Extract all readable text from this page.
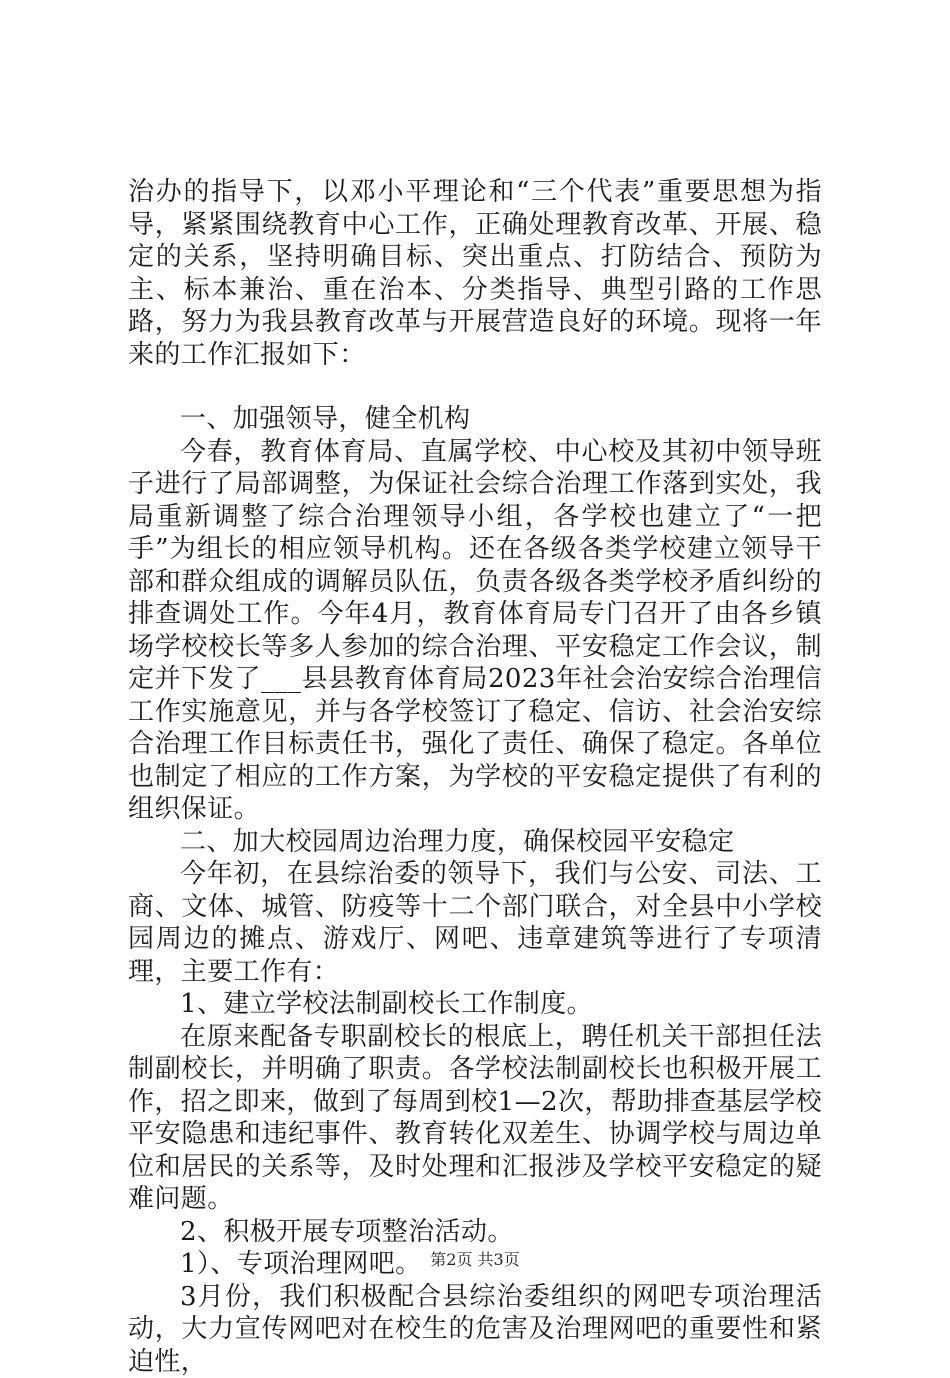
治办的指导下，以邓小平理论和“三个代表”重要思想为指导，紧紧围绕教育中心工作，正确处理教育改革、开展、稳定的关系，坚持明确目标、突出重点、打防结合、预防为主、标本兼治、重在治本、分类指导、典型引路的工作思路，努力为我县教育改革与开展营造良好的环境。现将一年来的工作汇报如下：

一、加强领导，健全机构

今春，教育体育局、直属学校、中心校及其初中领导班子进行了局部调整，为保证社会综合治理工作落到实处，我局重新调整了综合治理领导小组，各学校也建立了“一把手”为组长的相应领导机构。还在各级各类学校建立领导干部和群众组成的调解员队伍，负责各级各类学校矛盾纠纷的排查调处工作。今年4月，教育体育局专门召开了由各乡镇场学校校长等多人参加的综合治理、平安稳定工作会议，制定并下发了___县县教育体育局2023年社会治安综合治理信工作实施意见，并与各学校签订了稳定、信访、社会治安综合治理工作目标责任书，强化了责任、确保了稳定。各单位也制定了相应的工作方案，为学校的平安稳定提供了有利的组织保证。

二、加大校园周边治理力度，确保校园平安稳定

今年初，在县综治委的领导下，我们与公安、司法、工商、文体、城管、防疫等十二个部门联合，对全县中小学校园周边的摊点、游戏厅、网吧、违章建筑等进行了专项清理，主要工作有：

1、建立学校法制副校长工作制度。

在原来配备专职副校长的根底上，聘任机关干部担任法制副校长，并明确了职责。各学校法制副校长也积极开展工作，招之即来，做到了每周到校1—2次，帮助排查基层学校平安隐患和违纪事件、教育转化双差生、协调学校与周边单位和居民的关系等，及时处理和汇报涉及学校平安稳定的疑难问题。

2、积极开展专项整治活动。

1）、专项治理网吧。

3月份，我们积极配合县综治委组织的网吧专项治理活动，大力宣传网吧对在校生的危害及治理网吧的重要性和紧迫性，

第2页 共3页
